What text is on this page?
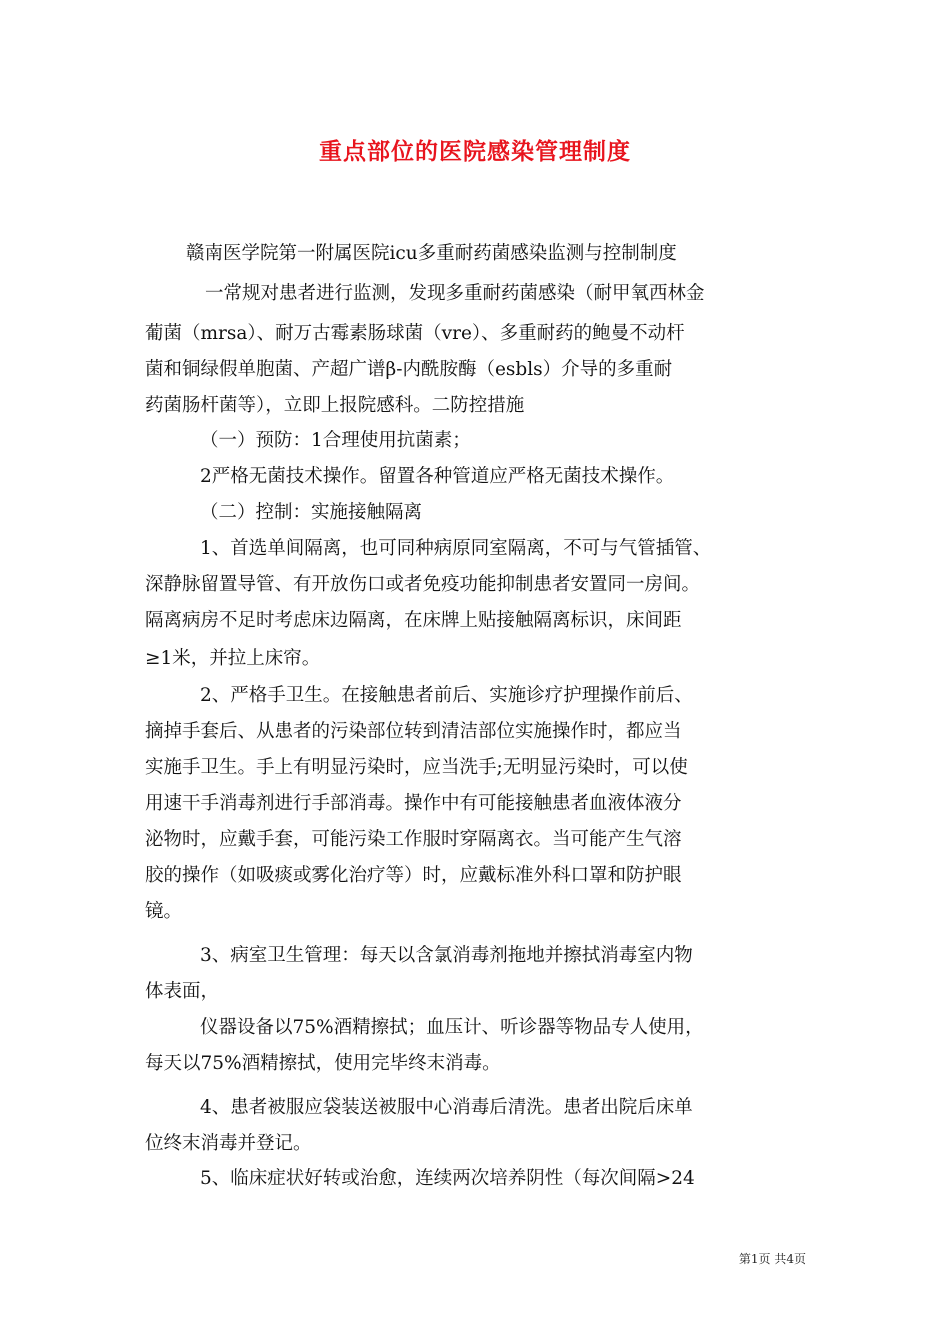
重点部位的医院感染管理制度
赣南医学院第一附属医院icu多重耐药菌感染监测与控制制度
一常规对患者进行监测，发现多重耐药菌感染（耐甲氧西林金
葡菌（mrsa）、耐万古霉素肠球菌（vre）、多重耐药的鲍曼不动杆
菌和铜绿假单胞菌、产超广谱β-内酰胺酶（esbls）介导的多重耐
药菌肠杆菌等），立即上报院感科。二防控措施
（一）预防：1合理使用抗菌素；
2严格无菌技术操作。留置各种管道应严格无菌技术操作。
（二）控制：实施接触隔离
1、首选单间隔离，也可同种病原同室隔离，不可与气管插管、
深静脉留置导管、有开放伤口或者免疫功能抑制患者安置同一房间。
隔离病房不足时考虑床边隔离，在床牌上贴接触隔离标识，床间距
≥1米，并拉上床帘。
2、严格手卫生。在接触患者前后、实施诊疗护理操作前后、
摘掉手套后、从患者的污染部位转到清洁部位实施操作时，都应当
实施手卫生。手上有明显污染时，应当洗手;无明显污染时，可以使
用速干手消毒剂进行手部消毒。操作中有可能接触患者血液体液分
泌物时，应戴手套，可能污染工作服时穿隔离衣。当可能产生气溶
胶的操作（如吸痰或雾化治疗等）时，应戴标准外科口罩和防护眼
镜。
3、病室卫生管理：每天以含氯消毒剂拖地并擦拭消毒室内物
体表面，
仪器设备以75%酒精擦拭；血压计、听诊器等物品专人使用，
每天以75%酒精擦拭，使用完毕终末消毒。
4、患者被服应袋装送被服中心消毒后清洗。患者出院后床单
位终末消毒并登记。
5、临床症状好转或治愈，连续两次培养阴性（每次间隔>24
第1页 共4页
